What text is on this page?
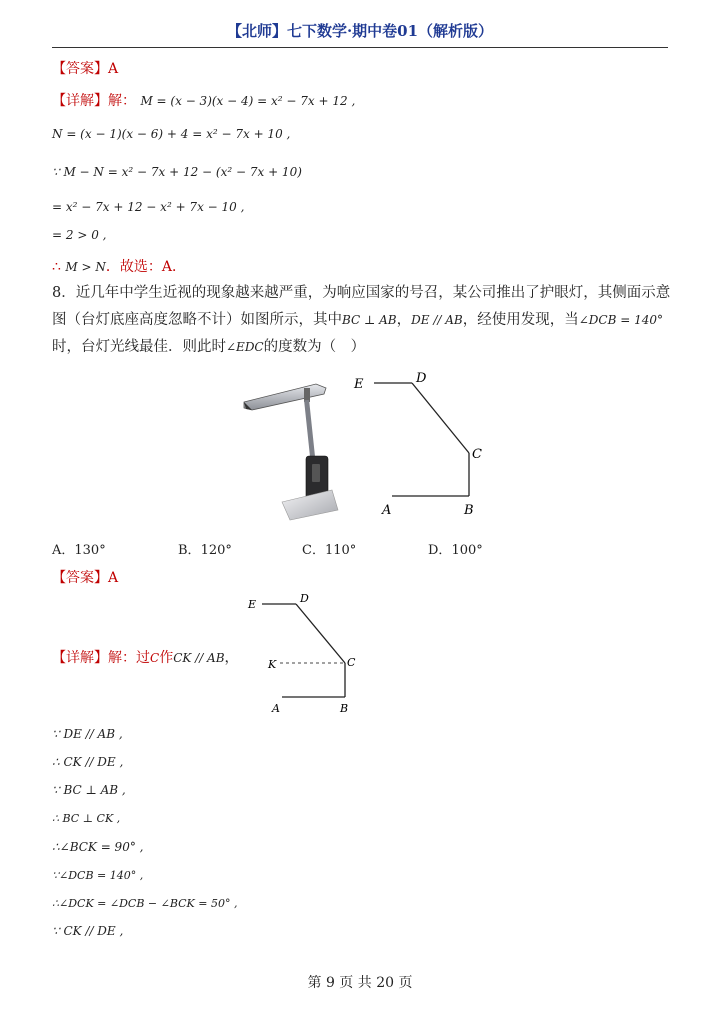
【北师】七下数学·期中卷01（解析版）
【答案】A
【详解】解： M = (x − 3)(x − 4) = x² − 7x + 12 ,
N = (x − 1)(x − 6) + 4 = x² − 7x + 10 ,
∵ M − N = x² − 7x + 12 − (x² − 7x + 10)
= x² − 7x + 12 − x² + 7x − 10 ,
= 2 > 0 ,
∴ M > N．故选：A．
8．近几年中学生近视的现象越来越严重，为响应国家的号召，某公司推出了护眼灯，其侧面示意图（台灯底座高度忽略不计）如图所示，其中BC ⊥ AB，DE // AB，经使用发现，当∠DCB = 140°时，台灯光线最佳．则此时∠EDC的度数为（　）
E	D
C
A	B
A．130°	B．120°	C．110°	D．100°
【答案】A
E	D
K	C
A	B
【详解】解：过C作CK // AB，
∵ DE // AB ,
∴ CK // DE ,
∵ BC ⊥ AB ,
∴ BC ⊥ CK ,
∴∠BCK = 90° ,
∵∠DCB = 140° ,
∴∠DCK = ∠DCB − ∠BCK = 50° ,
∵ CK // DE ,
第 9 页 共 20 页
